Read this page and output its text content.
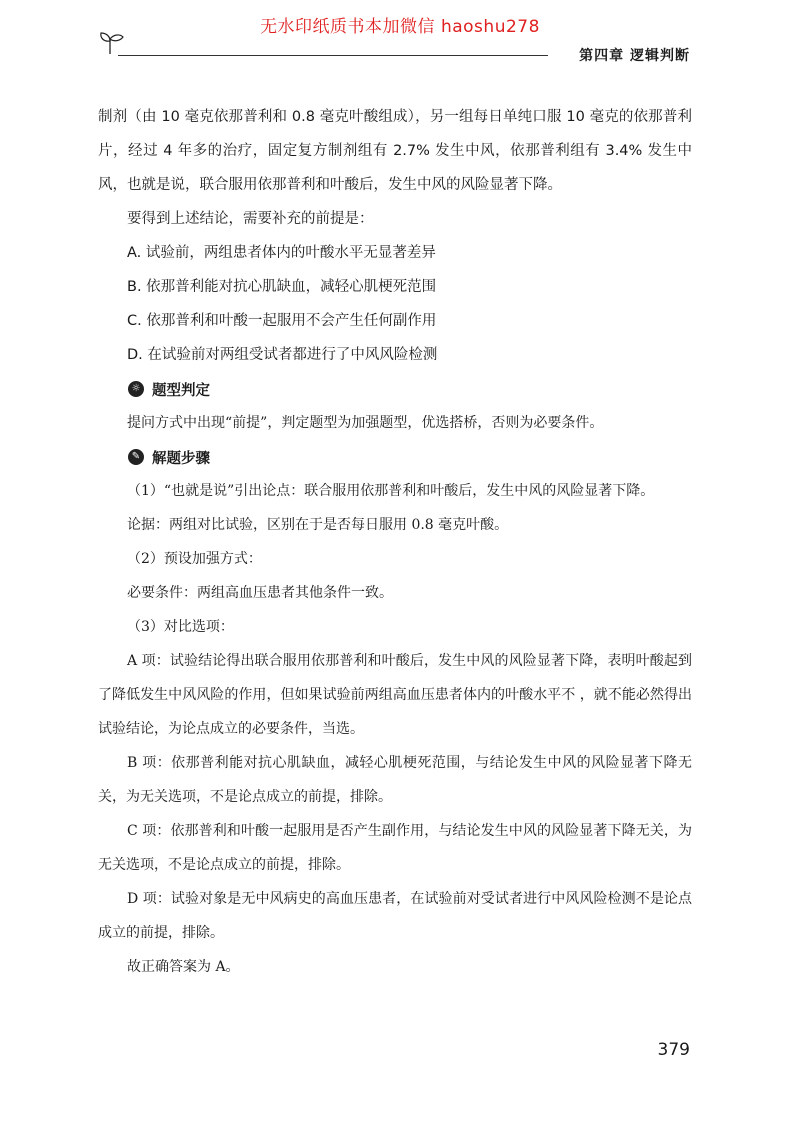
无水印纸质书本加微信 haoshu278
第四章 逻辑判断

制剂（由 10 毫克依那普利和 0.8 毫克叶酸组成），另一组每日单纯口服 10 毫克的依那普利片，经过 4 年多的治疗，固定复方制剂组有 2.7% 发生中风，依那普利组有 3.4% 发生中风，也就是说，联合服用依那普利和叶酸后，发生中风的风险显著下降。

要得到上述结论，需要补充的前提是：

A. 试验前，两组患者体内的叶酸水平无显著差异

B. 依那普利能对抗心肌缺血，减轻心肌梗死范围

C. 依那普利和叶酸一起服用不会产生任何副作用

D. 在试验前对两组受试者都进行了中风风险检测

☼ 题型判定

提问方式中出现“前提”，判定题型为加强题型，优选搭桥，否则为必要条件。

✎ 解题步骤

（1）“也就是说”引出论点：联合服用依那普利和叶酸后，发生中风的风险显著下降。

论据：两组对比试验，区别在于是否每日服用 0.8 毫克叶酸。

（2）预设加强方式：

必要条件：两组高血压患者其他条件一致。

（3）对比选项：

A 项：试验结论得出联合服用依那普利和叶酸后，发生中风的风险显著下降，表明叶酸起到了降低发生中风风险的作用，但如果试验前两组高血压患者体内的叶酸水平不 ，就不能必然得出试验结论，为论点成立的必要条件，当选。

B 项：依那普利能对抗心肌缺血，减轻心肌梗死范围，与结论发生中风的风险显著下降无关，为无关选项，不是论点成立的前提，排除。

C 项：依那普利和叶酸一起服用是否产生副作用，与结论发生中风的风险显著下降无关，为无关选项，不是论点成立的前提，排除。

D 项：试验对象是无中风病史的高血压患者，在试验前对受试者进行中风风险检测不是论点成立的前提，排除。

故正确答案为 A。

379
